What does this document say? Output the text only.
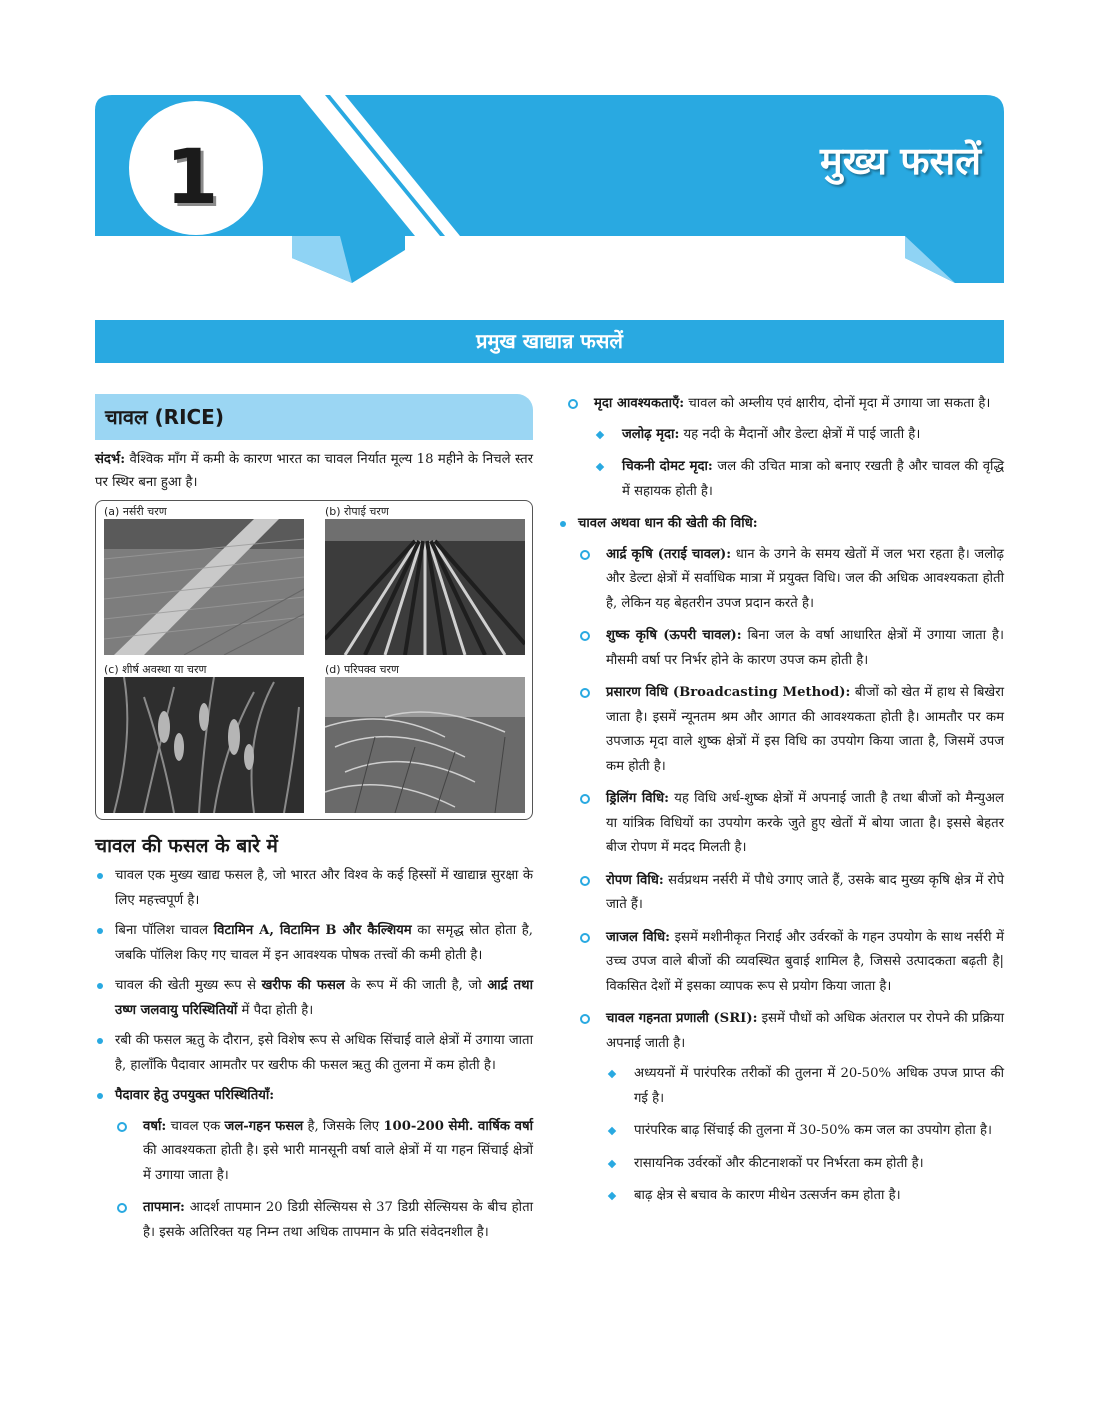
1	मुख्य फसलें
प्रमुख खाद्यान्न फसलें
चावल (RICE)
संदर्भ: वैश्विक माँग में कमी के कारण भारत का चावल निर्यात मूल्य 18 महीने के निचले स्तर पर स्थिर बना हुआ है।
(a) नर्सरी चरण	(b) रोपाई चरण
(c) शीर्ष अवस्था या चरण	(d) परिपक्व चरण
चावल की फसल के बारे में
चावल एक मुख्य खाद्य फसल है, जो भारत और विश्व के कई हिस्सों में खाद्यान्न सुरक्षा के लिए महत्त्वपूर्ण है।
बिना पॉलिश चावल विटामिन A, विटामिन B और कैल्शियम का समृद्ध स्रोत होता है, जबकि पॉलिश किए गए चावल में इन आवश्यक पोषक तत्त्वों की कमी होती है।
चावल की खेती मुख्य रूप से खरीफ की फसल के रूप में की जाती है, जो आर्द्र तथा उष्ण जलवायु परिस्थितियों में पैदा होती है।
रबी की फसल ऋतु के दौरान, इसे विशेष रूप से अधिक सिंचाई वाले क्षेत्रों में उगाया जाता है, हालाँकि पैदावार आमतौर पर खरीफ की फसल ऋतु की तुलना में कम होती है।
पैदावार हेतु उपयुक्त परिस्थितियाँ:
वर्षा: चावल एक जल-गहन फसल है, जिसके लिए 100-200 सेमी. वार्षिक वर्षा की आवश्यकता होती है। इसे भारी मानसूनी वर्षा वाले क्षेत्रों में या गहन सिंचाई क्षेत्रों में उगाया जाता है।
तापमान: आदर्श तापमान 20 डिग्री सेल्सियस से 37 डिग्री सेल्सियस के बीच होता है। इसके अतिरिक्त यह निम्न तथा अधिक तापमान के प्रति संवेदनशील है।
मृदा आवश्यकताएँ: चावल को अम्लीय एवं क्षारीय, दोनों मृदा में उगाया जा सकता है।
जलोढ़ मृदा: यह नदी के मैदानों और डेल्टा क्षेत्रों में पाई जाती है।
चिकनी दोमट मृदा: जल की उचित मात्रा को बनाए रखती है और चावल की वृद्धि में सहायक होती है।
चावल अथवा धान की खेती की विधि:
आर्द्र कृषि (तराई चावल): धान के उगने के समय खेतों में जल भरा रहता है। जलोढ़ और डेल्टा क्षेत्रों में सर्वाधिक मात्रा में प्रयुक्त विधि। जल की अधिक आवश्यकता होती है, लेकिन यह बेहतरीन उपज प्रदान करते है।
शुष्क कृषि (ऊपरी चावल): बिना जल के वर्षा आधारित क्षेत्रों में उगाया जाता है। मौसमी वर्षा पर निर्भर होने के कारण उपज कम होती है।
प्रसारण विधि (Broadcasting Method): बीजों को खेत में हाथ से बिखेरा जाता है। इसमें न्यूनतम श्रम और आगत की आवश्यकता होती है। आमतौर पर कम उपजाऊ मृदा वाले शुष्क क्षेत्रों में इस विधि का उपयोग किया जाता है, जिसमें उपज कम होती है।
ड्रिलिंग विधि: यह विधि अर्ध-शुष्क क्षेत्रों में अपनाई जाती है तथा बीजों को मैन्युअल या यांत्रिक विधियों का उपयोग करके जुते हुए खेतों में बोया जाता है। इससे बेहतर बीज रोपण में मदद मिलती है।
रोपण विधि: सर्वप्रथम नर्सरी में पौधे उगाए जाते हैं, उसके बाद मुख्य कृषि क्षेत्र में रोपे जाते हैं।
जाजल विधि: इसमें मशीनीकृत निराई और उर्वरकों के गहन उपयोग के साथ नर्सरी में उच्च उपज वाले बीजों की व्यवस्थित बुवाई शामिल है, जिससे उत्पादकता बढ़ती है| विकसित देशों में इसका व्यापक रूप से प्रयोग किया जाता है।
चावल गहनता प्रणाली (SRI): इसमें पौधों को अधिक अंतराल पर रोपने की प्रक्रिया अपनाई जाती है।
अध्ययनों में पारंपरिक तरीकों की तुलना में 20-50% अधिक उपज प्राप्त की गई है।
पारंपरिक बाढ़ सिंचाई की तुलना में 30-50% कम जल का उपयोग होता है।
रासायनिक उर्वरकों और कीटनाशकों पर निर्भरता कम होती है।
बाढ़ क्षेत्र से बचाव के कारण मीथेन उत्सर्जन कम होता है।
